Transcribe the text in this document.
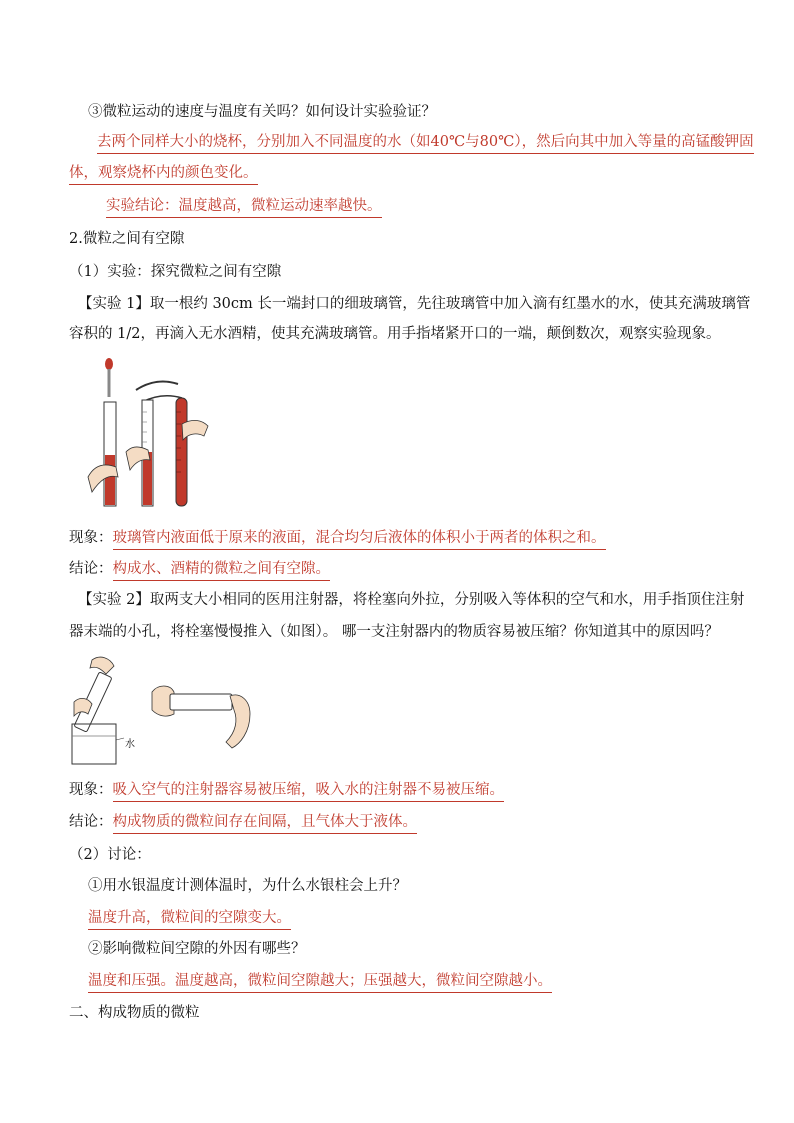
③微粒运动的速度与温度有关吗？如何设计实验验证？
去两个同样大小的烧杯，分别加入不同温度的水（如40℃与80℃），然后向其中加入等量的高锰酸钾固
体，观察烧杯内的颜色变化。
实验结论：温度越高，微粒运动速率越快。
2.微粒之间有空隙
（1）实验：探究微粒之间有空隙
【实验 1】取一根约 30cm 长一端封口的细玻璃管，先往玻璃管中加入滴有红墨水的水，使其充满玻璃管
容积的 1/2，再滴入无水酒精，使其充满玻璃管。用手指堵紧开口的一端，颠倒数次，观察实验现象。
现象：玻璃管内液面低于原来的液面，混合均匀后液体的体积小于两者的体积之和。
结论：构成水、酒精的微粒之间有空隙。
【实验 2】取两支大小相同的医用注射器，将栓塞向外拉，分别吸入等体积的空气和水，用手指顶住注射
器末端的小孔，将栓塞慢慢推入（如图）。 哪一支注射器内的物质容易被压缩？你知道其中的原因吗？
水
现象：吸入空气的注射器容易被压缩，吸入水的注射器不易被压缩。
结论：构成物质的微粒间存在间隔，且气体大于液体。
（2）讨论：
①用水银温度计测体温时，为什么水银柱会上升？
温度升高，微粒间的空隙变大。
②影响微粒间空隙的外因有哪些？
温度和压强。温度越高，微粒间空隙越大；压强越大，微粒间空隙越小。
二、构成物质的微粒
